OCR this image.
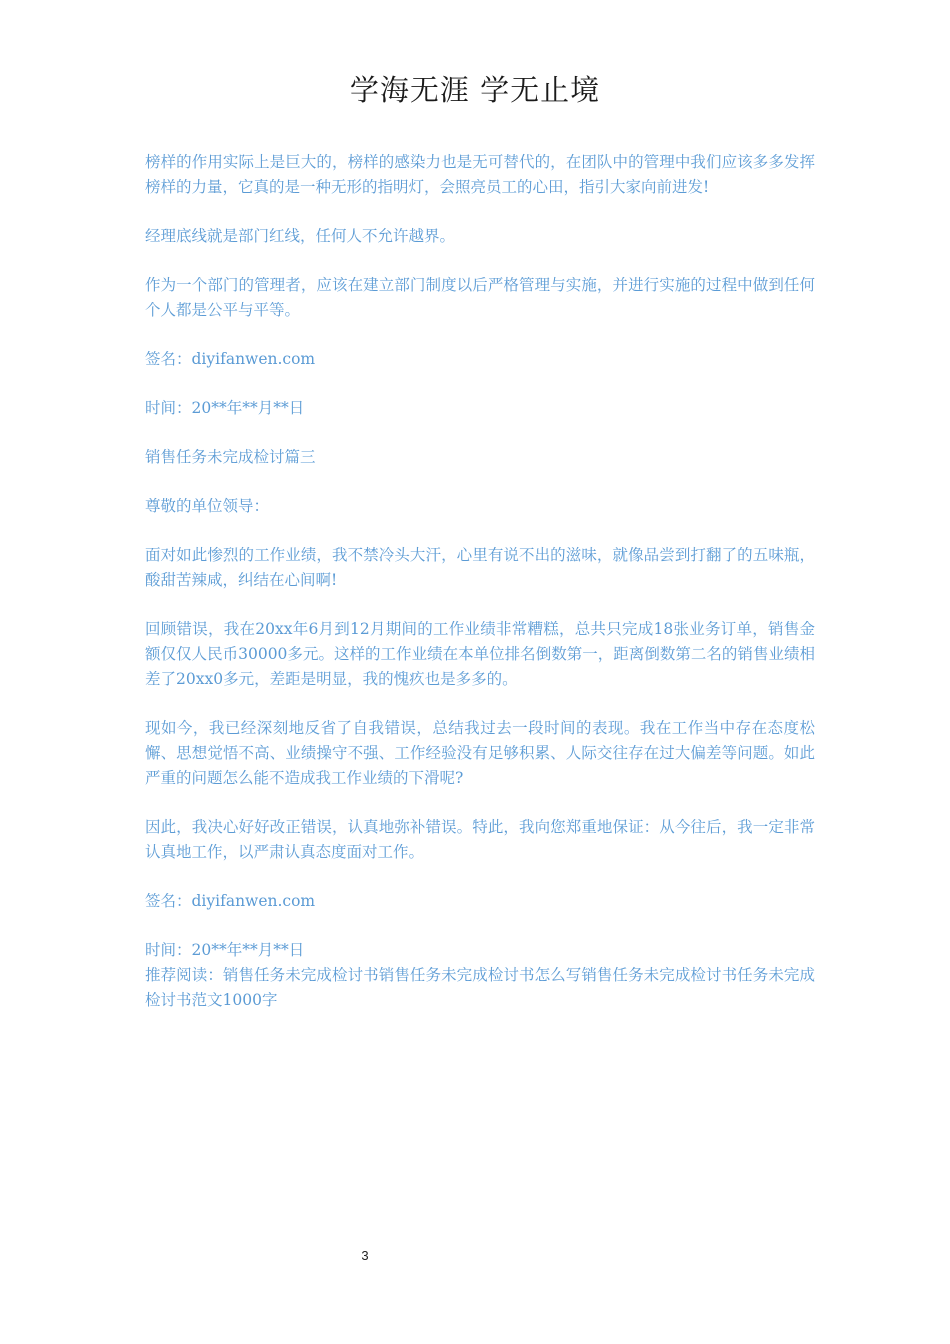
学海无涯 学无止境

榜样的作用实际上是巨大的，榜样的感染力也是无可替代的，在团队中的管理中我们应该多多发挥榜样的力量，它真的是一种无形的指明灯，会照亮员工的心田，指引大家向前进发!

经理底线就是部门红线，任何人不允许越界。

作为一个部门的管理者，应该在建立部门制度以后严格管理与实施，并进行实施的过程中做到任何个人都是公平与平等。

签名：diyifanwen.com

时间：20**年**月**日

销售任务未完成检讨篇三

尊敬的单位领导：

面对如此惨烈的工作业绩，我不禁冷头大汗，心里有说不出的滋味，就像品尝到打翻了的五味瓶，酸甜苦辣咸，纠结在心间啊!

回顾错误，我在20xx年6月到12月期间的工作业绩非常糟糕，总共只完成18张业务订单，销售金额仅仅人民币30000多元。这样的工作业绩在本单位排名倒数第一，距离倒数第二名的销售业绩相差了20xx0多元，差距是明显，我的愧疚也是多多的。

现如今，我已经深刻地反省了自我错误，总结我过去一段时间的表现。我在工作当中存在态度松懈、思想觉悟不高、业绩操守不强、工作经验没有足够积累、人际交往存在过大偏差等问题。如此严重的问题怎么能不造成我工作业绩的下滑呢?

因此，我决心好好改正错误，认真地弥补错误。特此，我向您郑重地保证：从今往后，我一定非常认真地工作，以严肃认真态度面对工作。

签名：diyifanwen.com

时间：20**年**月**日

推荐阅读：销售任务未完成检讨书销售任务未完成检讨书怎么写销售任务未完成检讨书任务未完成检讨书范文1000字

3
